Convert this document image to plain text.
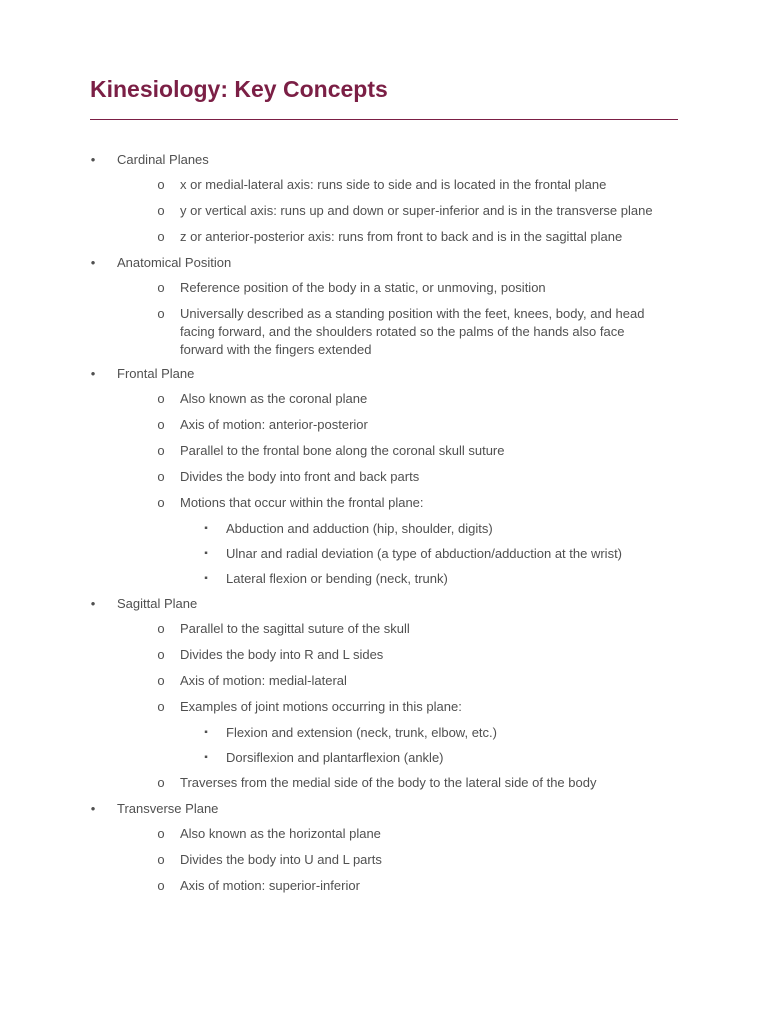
Kinesiology: Key Concepts
•	Cardinal Planes
o x or medial-lateral axis: runs side to side and is located in the frontal plane
o y or vertical axis: runs up and down or super-inferior and is in the transverse plane
o z or anterior-posterior axis: runs from front to back and is in the sagittal plane
•	Anatomical Position
o Reference position of the body in a static, or unmoving, position
o Universally described as a standing position with the feet, knees, body, and head facing forward, and the shoulders rotated so the palms of the hands also face forward with the fingers extended
•	Frontal Plane
o Also known as the coronal plane
o Axis of motion: anterior-posterior
o Parallel to the frontal bone along the coronal skull suture
o Divides the body into front and back parts
o Motions that occur within the frontal plane:
▪	Abduction and adduction (hip, shoulder, digits)
▪	Ulnar and radial deviation (a type of abduction/adduction at the wrist)
▪	Lateral flexion or bending (neck, trunk)
•	Sagittal Plane
o Parallel to the sagittal suture of the skull
o Divides the body into R and L sides
o Axis of motion: medial-lateral
o Examples of joint motions occurring in this plane:
▪	Flexion and extension (neck, trunk, elbow, etc.)
▪	Dorsiflexion and plantarflexion (ankle)
o Traverses from the medial side of the body to the lateral side of the body
•	Transverse Plane
o Also known as the horizontal plane
o Divides the body into U and L parts
o Axis of motion: superior-inferior
